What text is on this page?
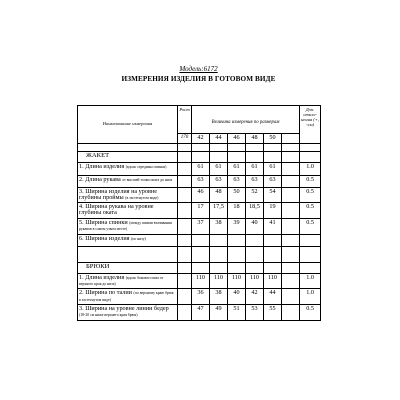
Модель:6172
ИЗМЕРЕНИЯ ИЗДЕЛИЯ В ГОТОВОМ ВИДЕ
Наименование измерения	Рост	Величина измерения по размерам						Доп. откло-нения (+, -см)
	170	42	44	46	48	50		

ЖАКЕТ								
1. Длина изделия (вдоль середины спинки)		61	61	61	61	61		1.0
2. Длина рукава от высшей точки оката до низа		63	63	63	63	63		0.5
3. Ширина изделия на уровне глубины проймы (в застегнутом виде)		46	48	50	52	54		0.5
4. Ширина рукава на уровне глубины оката		17	17,5	18	18,5	19		0.5
5. Ширина спинки (между швами втачивания рукавов в самом узком месте)		37	38	39	40	41		0.5
6. Ширина изделия (по низу)								

БРЮКИ								
1. Длина изделия (вдоль бокового шва от верхнего края до низа)		110	110	110	110	110		1.0
2. Ширина по талии (по верхнему краю брюк в застегнутом виде)		36	38	40	42	44		1.0
3. Ширина на уровне линии бедер (18-20 см ниже верхнего края брюк)		47	49	51	53	55		0.5
